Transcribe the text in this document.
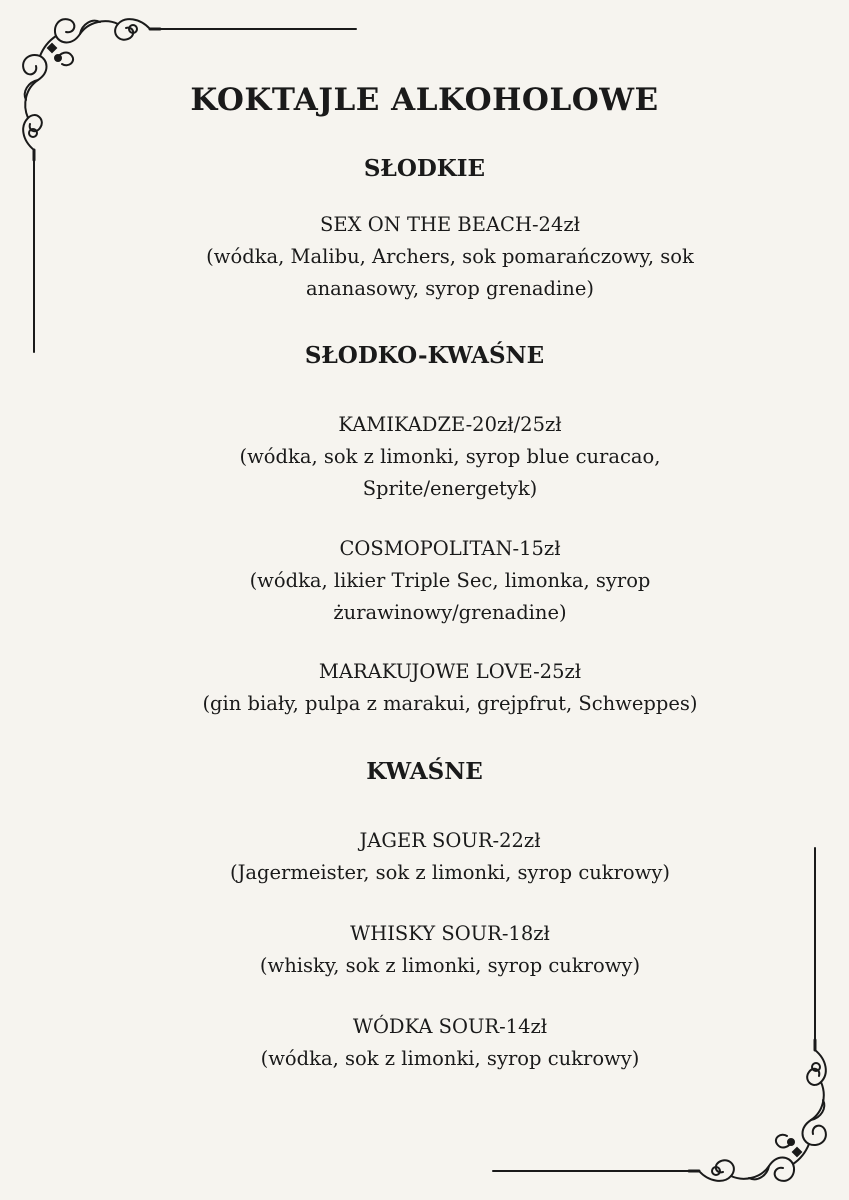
KOKTAJLE ALKOHOLOWE
SŁODKIE
SEX ON THE BEACH-24zł
(wódka, Malibu, Archers, sok pomarańczowy, sok ananasowy, syrop grenadine)
SŁODKO-KWAŚNE
KAMIKADZE-20zł/25zł
(wódka, sok z limonki, syrop blue curacao, Sprite/energetyk)
COSMOPOLITAN-15zł
(wódka, likier Triple Sec, limonka, syrop żurawinowy/grenadine)
MARAKUJOWE LOVE-25zł
(gin biały, pulpa z marakui, grejpfrut, Schweppes)
KWAŚNE
JAGER SOUR-22zł
(Jagermeister, sok z limonki, syrop cukrowy)
WHISKY SOUR-18zł
(whisky, sok z limonki, syrop cukrowy)
WÓDKA SOUR-14zł
(wódka, sok z limonki, syrop cukrowy)
